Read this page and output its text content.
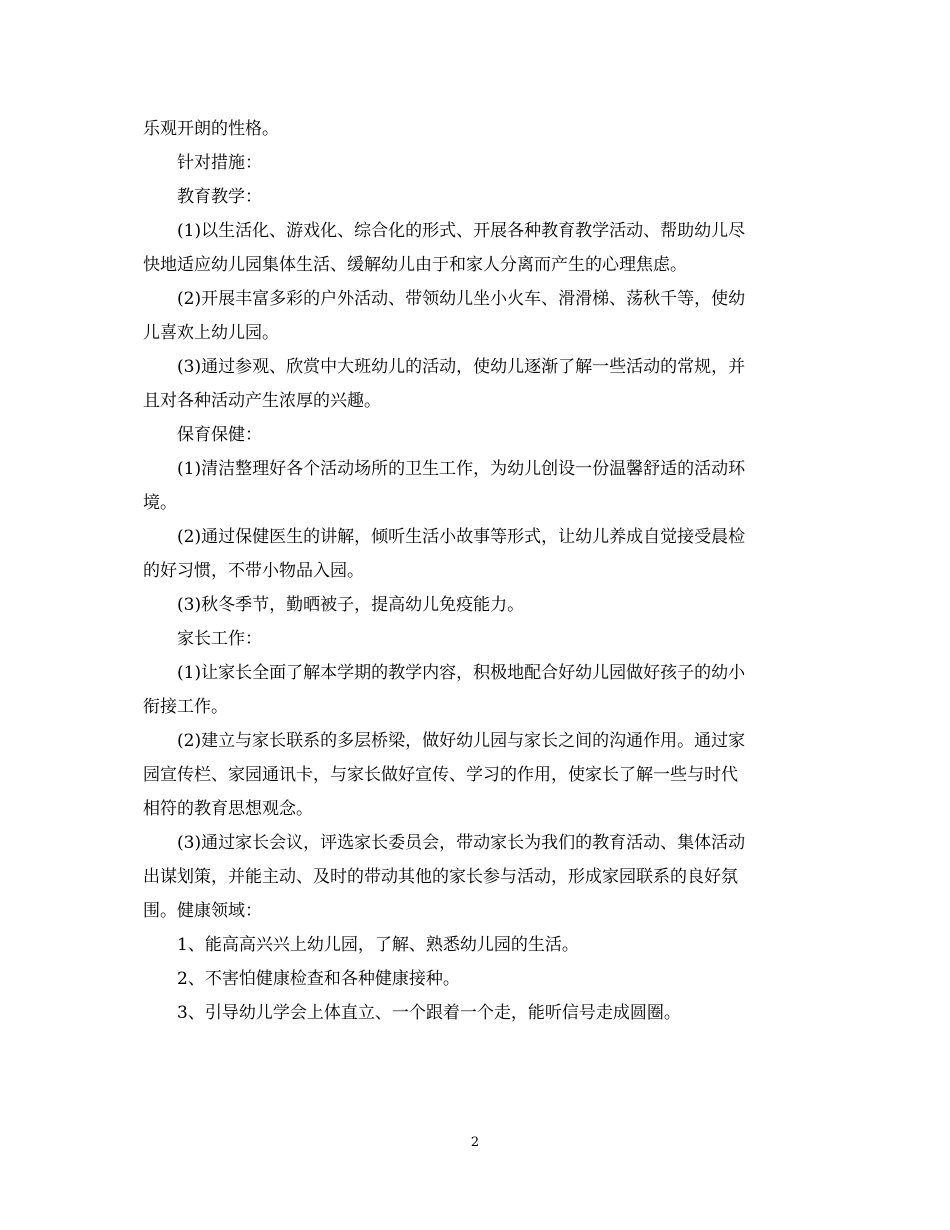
乐观开朗的性格。
针对措施：
教育教学：
(1)以生活化、游戏化、综合化的形式、开展各种教育教学活动、帮助幼儿尽
快地适应幼儿园集体生活、缓解幼儿由于和家人分离而产生的心理焦虑。
(2)开展丰富多彩的户外活动、带领幼儿坐小火车、滑滑梯、荡秋千等，使幼
儿喜欢上幼儿园。
(3)通过参观、欣赏中大班幼儿的活动，使幼儿逐渐了解一些活动的常规，并
且对各种活动产生浓厚的兴趣。
保育保健：
(1)清洁整理好各个活动场所的卫生工作，为幼儿创设一份温馨舒适的活动环
境。
(2)通过保健医生的讲解，倾听生活小故事等形式，让幼儿养成自觉接受晨检
的好习惯，不带小物品入园。
(3)秋冬季节，勤晒被子，提高幼儿免疫能力。
家长工作：
(1)让家长全面了解本学期的教学内容，积极地配合好幼儿园做好孩子的幼小
衔接工作。
(2)建立与家长联系的多层桥梁，做好幼儿园与家长之间的沟通作用。通过家
园宣传栏、家园通讯卡，与家长做好宣传、学习的作用，使家长了解一些与时代
相符的教育思想观念。
(3)通过家长会议，评选家长委员会，带动家长为我们的教育活动、集体活动
出谋划策，并能主动、及时的带动其他的家长参与活动，形成家园联系的良好氛
围。健康领域：
1、能高高兴兴上幼儿园，了解、熟悉幼儿园的生活。
2、不害怕健康检查和各种健康接种。
3、引导幼儿学会上体直立、一个跟着一个走，能听信号走成圆圈。
2
